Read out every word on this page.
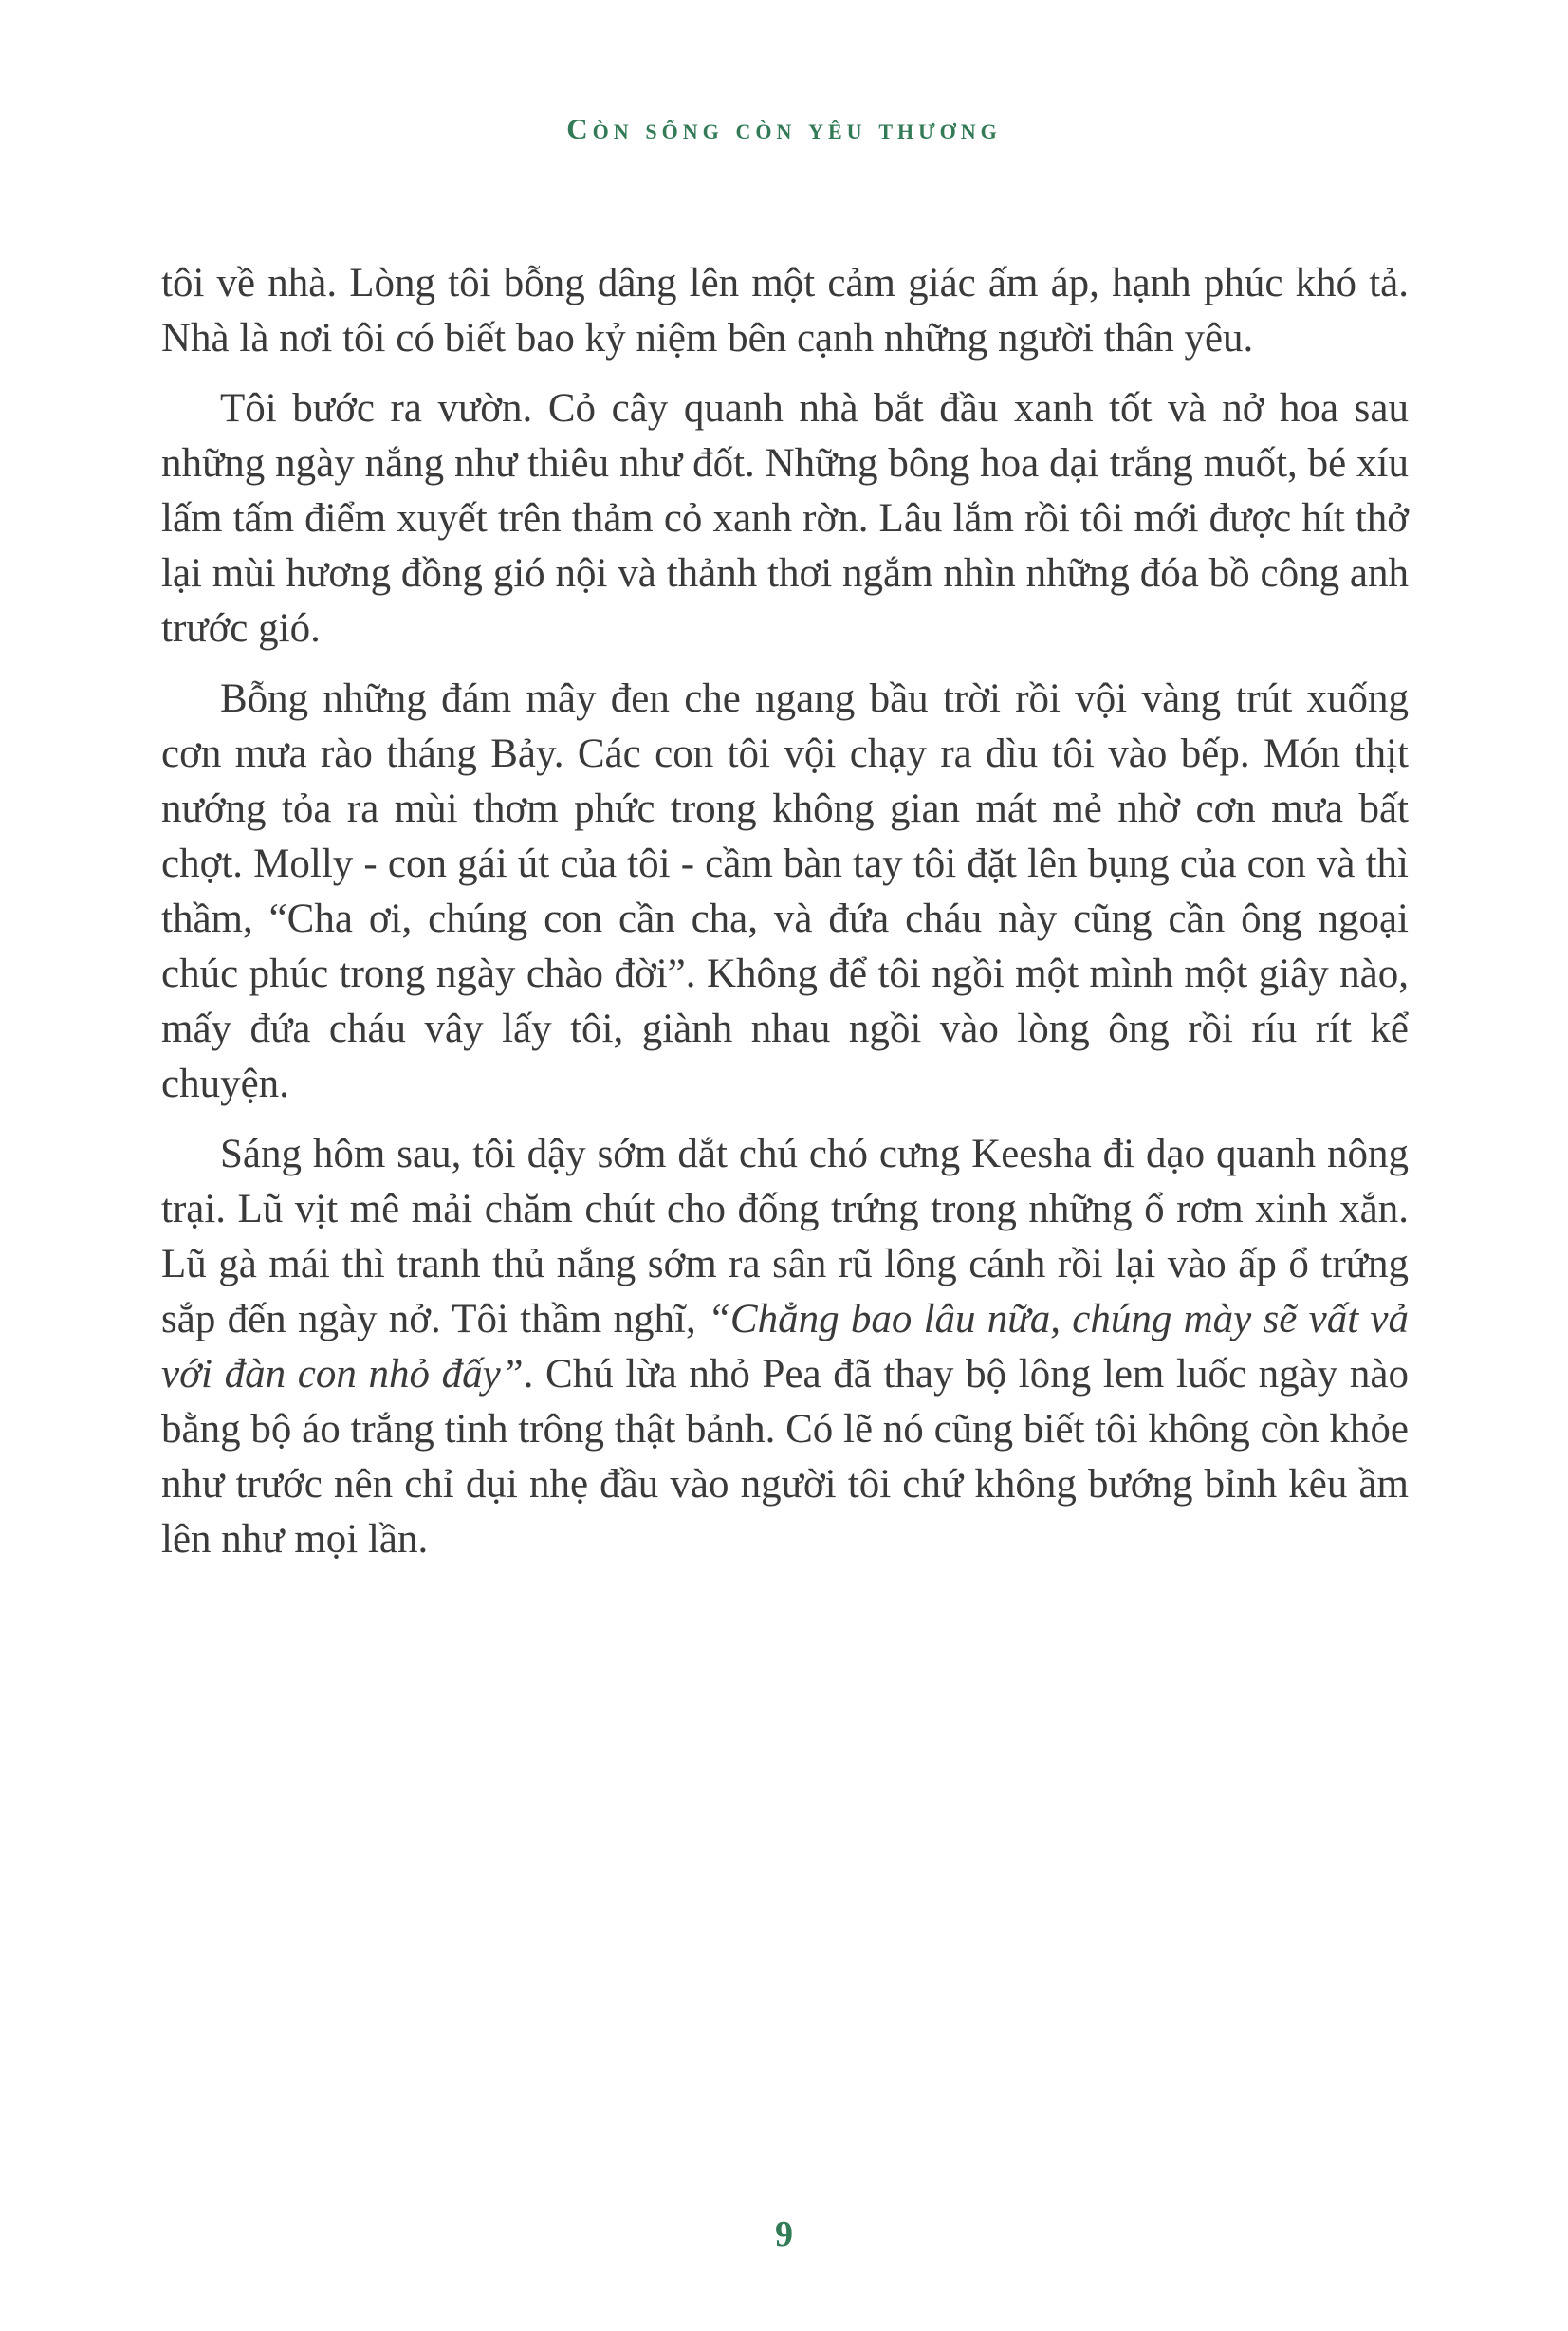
Còn sống còn yêu thương

tôi về nhà. Lòng tôi bỗng dâng lên một cảm giác ấm áp, hạnh phúc khó tả. Nhà là nơi tôi có biết bao kỷ niệm bên cạnh những người thân yêu.

Tôi bước ra vườn. Cỏ cây quanh nhà bắt đầu xanh tốt và nở hoa sau những ngày nắng như thiêu như đốt. Những bông hoa dại trắng muốt, bé xíu lấm tấm điểm xuyết trên thảm cỏ xanh rờn. Lâu lắm rồi tôi mới được hít thở lại mùi hương đồng gió nội và thảnh thơi ngắm nhìn những đóa bồ công anh trước gió.

Bỗng những đám mây đen che ngang bầu trời rồi vội vàng trút xuống cơn mưa rào tháng Bảy. Các con tôi vội chạy ra dìu tôi vào bếp. Món thịt nướng tỏa ra mùi thơm phức trong không gian mát mẻ nhờ cơn mưa bất chợt. Molly - con gái út của tôi - cầm bàn tay tôi đặt lên bụng của con và thì thầm, “Cha ơi, chúng con cần cha, và đứa cháu này cũng cần ông ngoại chúc phúc trong ngày chào đời”. Không để tôi ngồi một mình một giây nào, mấy đứa cháu vây lấy tôi, giành nhau ngồi vào lòng ông rồi ríu rít kể chuyện.

Sáng hôm sau, tôi dậy sớm dắt chú chó cưng Keesha đi dạo quanh nông trại. Lũ vịt mê mải chăm chút cho đống trứng trong những ổ rơm xinh xắn. Lũ gà mái thì tranh thủ nắng sớm ra sân rũ lông cánh rồi lại vào ấp ổ trứng sắp đến ngày nở. Tôi thầm nghĩ, “Chẳng bao lâu nữa, chúng mày sẽ vất vả với đàn con nhỏ đấy”. Chú lừa nhỏ Pea đã thay bộ lông lem luốc ngày nào bằng bộ áo trắng tinh trông thật bảnh. Có lẽ nó cũng biết tôi không còn khỏe như trước nên chỉ dụi nhẹ đầu vào người tôi chứ không bướng bỉnh kêu ầm lên như mọi lần.

9
